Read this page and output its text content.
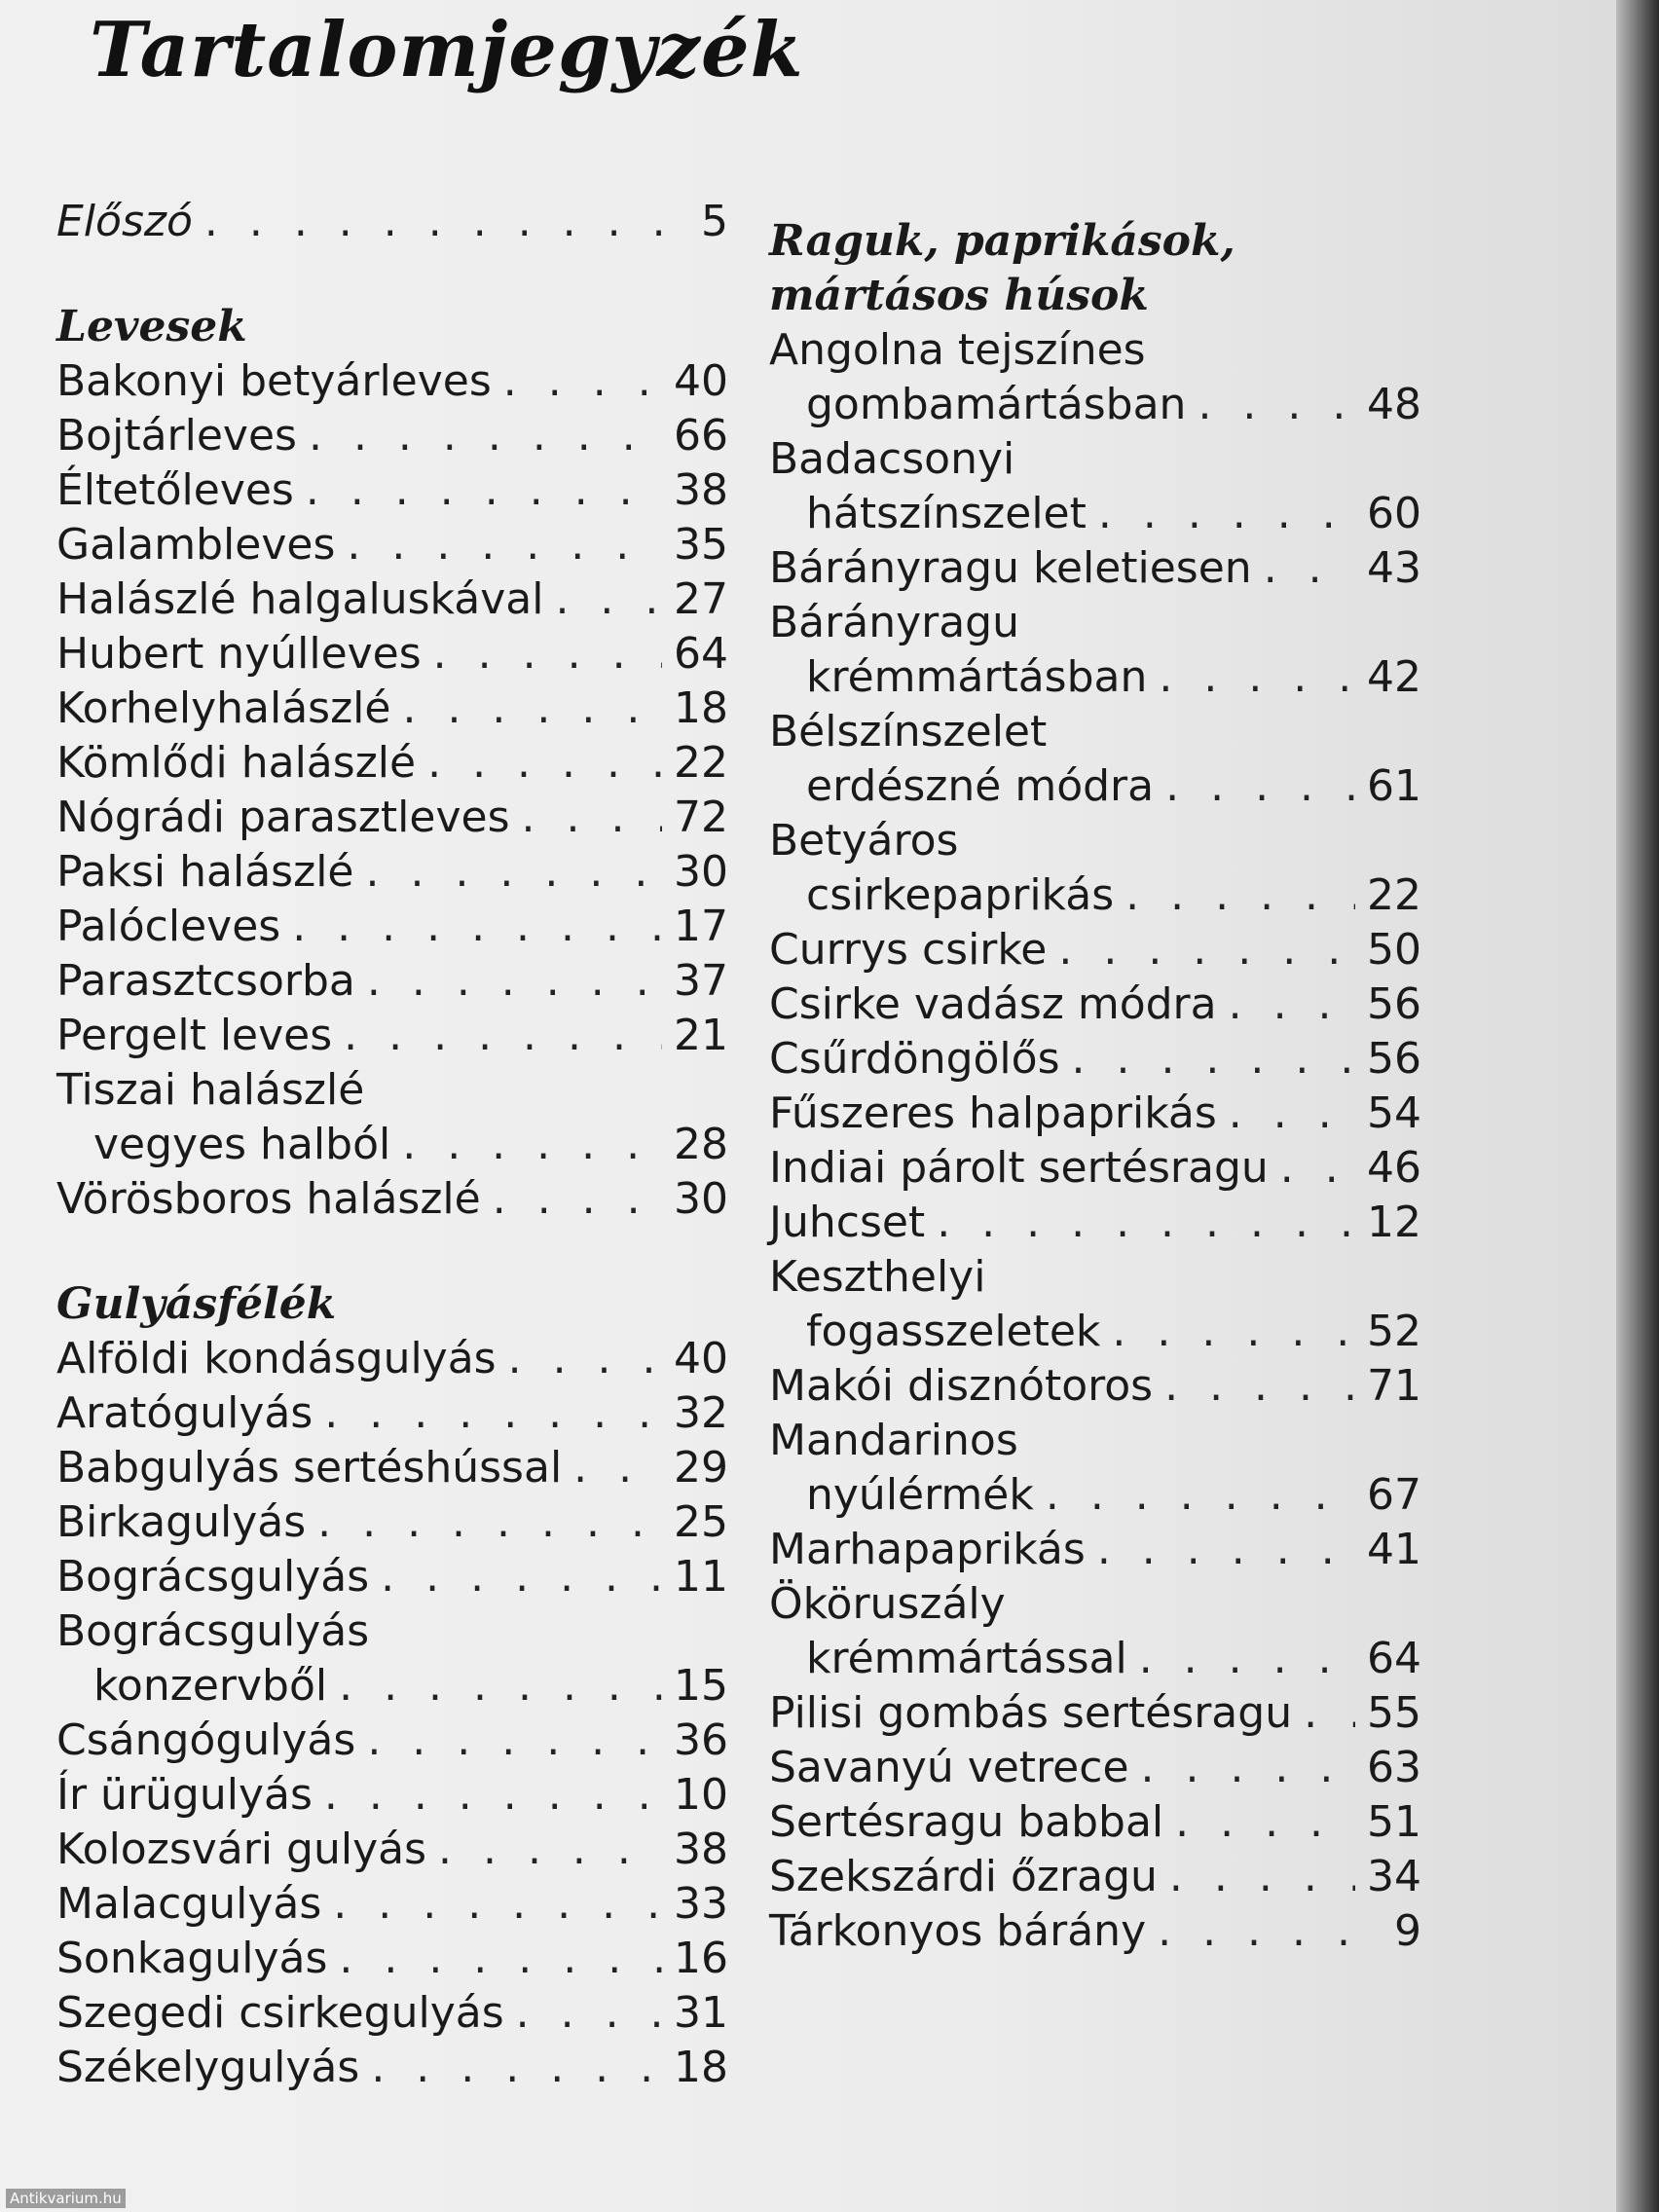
Tartalomjegyzék
Előszó . . .	5
Levesek
Bakonyi betyárleves . . .	40
Bojtárleves . . .	66
Éltetőleves . . .	38
Galambleves . . .	35
Halászlé halgaluskával . . .	27
Hubert nyúlleves . . .	64
Korhelyhalászlé . . .	18
Kömlődi halászlé . . .	22
Nógrádi parasztleves . . .	72
Paksi halászlé . . .	30
Palócleves . . .	17
Parasztcsorba . . .	37
Pergelt leves . . .	21
Tiszai halászlé
vegyes halból . . .	28
Vörösboros halászlé . . .	30
Gulyásfélék
Alföldi kondásgulyás . . .	40
Aratógulyás . . .	32
Babgulyás sertéshússal . . .	29
Birkagulyás . . .	25
Bográcsgulyás . . .	11
Bográcsgulyás
konzervből . . .	15
Csángógulyás . . .	36
Ír ürügulyás . . .	10
Kolozsvári gulyás . . .	38
Malacgulyás . . .	33
Sonkagulyás . . .	16
Szegedi csirkegulyás . . .	31
Székelygulyás . . .	18
Raguk, paprikások,
mártásos húsok
Angolna tejszínes
gombamártásban . . .	48
Badacsonyi
hátszínszelet . . .	60
Bárányragu keletiesen . . .	43
Bárányragu
krémmártásban . . .	42
Bélszínszelet
erdészné módra . . .	61
Betyáros
csirkepaprikás . . .	22
Currys csirke . . .	50
Csirke vadász módra . . .	56
Csűrdöngölős . . .	56
Fűszeres halpaprikás . . .	54
Indiai párolt sertésragu . . . 46
Juhcset . . .	12
Keszthelyi
fogasszeletek . . .	52
Makói disznótoros . . .	71
Mandarinos
nyúlérmék . . .	67
Marhapaprikás . . .	41
Ököruszály
krémmártással . . .	64
Pilisi gombás sertésragu . . . 55
Savanyú vetrece . . .	63
Sertésragu babbal . . .	51
Szekszárdi őzragu . . .	34
Tárkonyos bárány . . .	9
Antikvarium.hu
